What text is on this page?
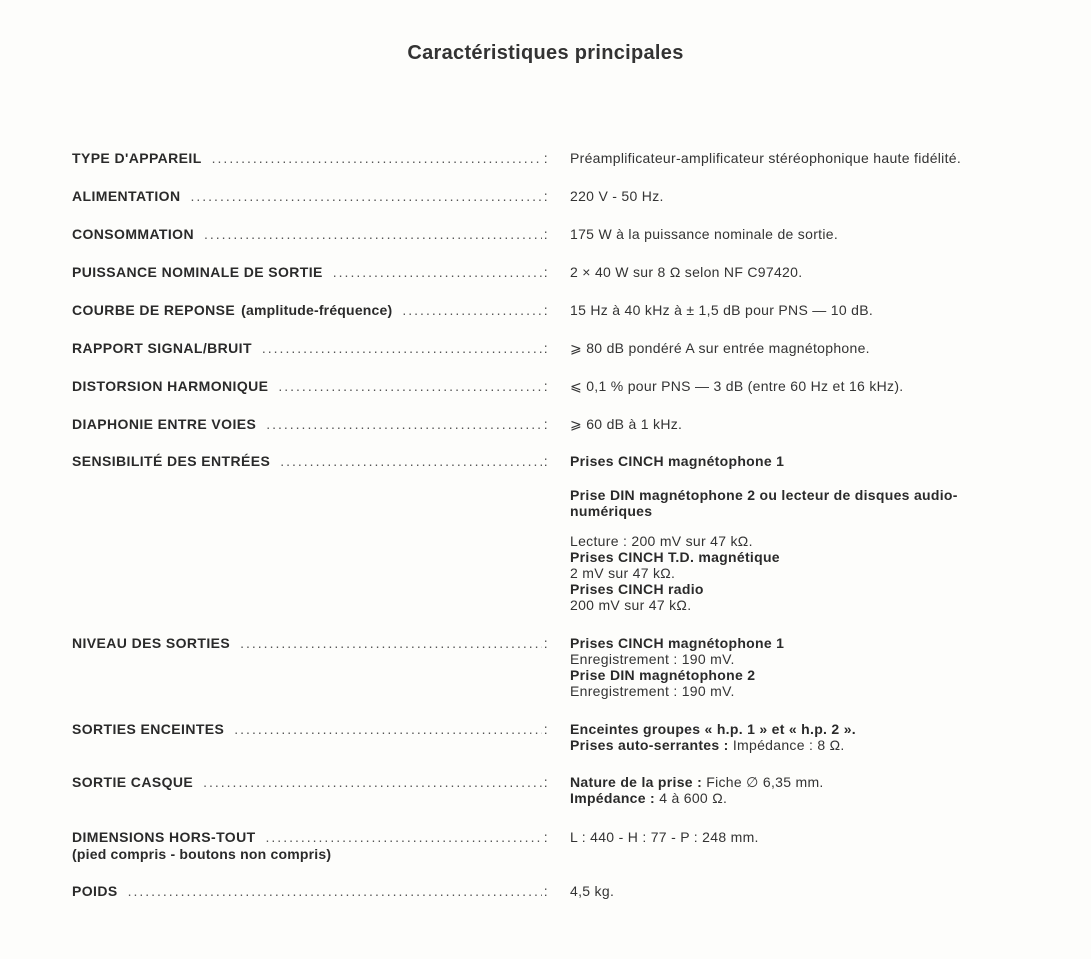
Caractéristiques principales
TYPE D'APPAREIL .....	: Préamplificateur-amplificateur stéréophonique haute fidélité.
ALIMENTATION .....	: 220 V - 50 Hz.
CONSOMMATION .....	: 175 W à la puissance nominale de sortie.
PUISSANCE NOMINALE DE SORTIE .....	: 2 × 40 W sur 8 Ω selon NF C97420.
COURBE DE REPONSE (amplitude-fréquence) .....	: 15 Hz à 40 kHz à ± 1,5 dB pour PNS — 10 dB.
RAPPORT SIGNAL/BRUIT .....	: ⩾ 80 dB pondéré A sur entrée magnétophone.
DISTORSION HARMONIQUE .....	: ⩽ 0,1 % pour PNS — 3 dB (entre 60 Hz et 16 kHz).
DIAPHONIE ENTRE VOIES .....	: ⩾ 60 dB à 1 kHz.
SENSIBILITÉ DES ENTRÉES .....	: Prises CINCH magnétophone 1
Prise DIN magnétophone 2 ou lecteur de disques audio-numériques
Lecture : 200 mV sur 47 kΩ.
Prises CINCH T.D. magnétique
2 mV sur 47 kΩ.
Prises CINCH radio
200 mV sur 47 kΩ.
NIVEAU DES SORTIES .....	: Prises CINCH magnétophone 1
Enregistrement : 190 mV.
Prise DIN magnétophone 2
Enregistrement : 190 mV.
SORTIES ENCEINTES .....	: Enceintes groupes « h.p. 1 » et « h.p. 2 ».
Prises auto-serrantes : Impédance : 8 Ω.
SORTIE CASQUE .....	: Nature de la prise : Fiche ∅ 6,35 mm.
Impédance : 4 à 600 Ω.
DIMENSIONS HORS-TOUT .....	:
(pied compris - boutons non compris)
L : 440 - H : 77 - P : 248 mm.
POIDS .....	: 4,5 kg.
